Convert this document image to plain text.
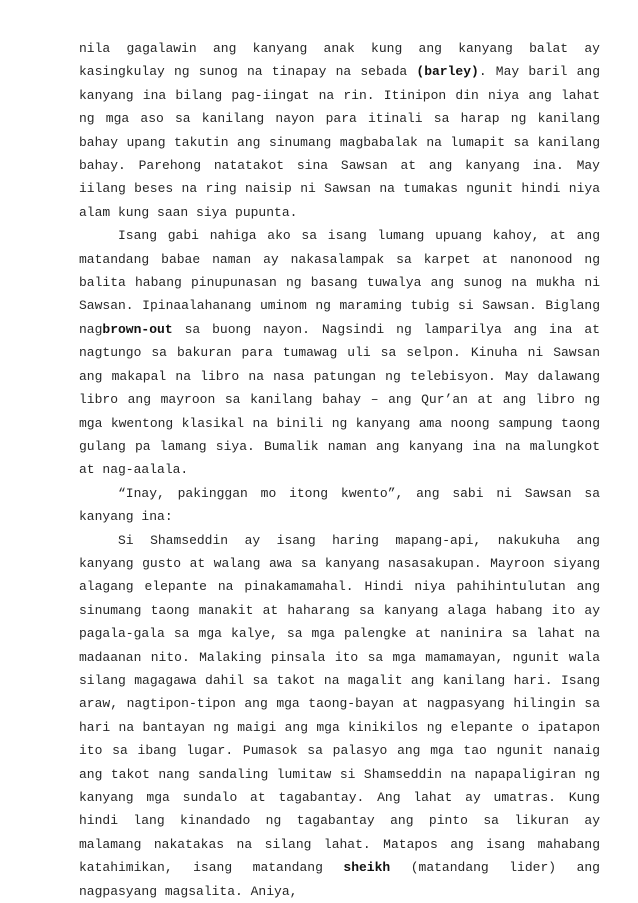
nila gagalawin ang kanyang anak kung ang kanyang balat ay kasingkulay ng sunog na tinapay na sebada (barley). May baril ang kanyang ina bilang pag-iingat na rin. Itinipon din niya ang lahat ng mga aso sa kanilang nayon para itinali sa harap ng kanilang bahay upang takutin ang sinumang magbabalak na lumapit sa kanilang bahay. Parehong natatakot sina Sawsan at ang kanyang ina. May iilang beses na ring naisip ni Sawsan na tumakas ngunit hindi niya alam kung saan siya pupunta.

Isang gabi nahiga ako sa isang lumang upuang kahoy, at ang matandang babae naman ay nakasalampak sa karpet at nanonood ng balita habang pinupunasan ng basang tuwalya ang sunog na mukha ni Sawsan. Ipinaalahanang uminom ng maraming tubig si Sawsan. Biglang nagbrown-out sa buong nayon. Nagsindi ng lamparilya ang ina at nagtungo sa bakuran para tumawag uli sa selpon. Kinuha ni Sawsan ang makapal na libro na nasa patungan ng telebisyon. May dalawang libro ang mayroon sa kanilang bahay – ang Qur’an at ang libro ng mga kwentong klasikal na binili ng kanyang ama noong sampung taong gulang pa lamang siya. Bumalik naman ang kanyang ina na malungkot at nag-aalala.

“Inay, pakinggan mo itong kwento”, ang sabi ni Sawsan sa kanyang ina:

Si Shamseddin ay isang haring mapang-api, nakukuha ang kanyang gusto at walang awa sa kanyang nasasakupan. Mayroon siyang alagang elepante na pinakamamahal. Hindi niya pahihintulutan ang sinumang taong manakit at haharang sa kanyang alaga habang ito ay pagala-gala sa mga kalye, sa mga palengke at naninira sa lahat na madaanan nito. Malaking pinsala ito sa mga mamamayan, ngunit wala silang magagawa dahil sa takot na magalit ang kanilang hari. Isang araw, nagtipon-tipon ang mga taong-bayan at nagpasyang hilingin sa hari na bantayan ng maigi ang mga kinikilos ng elepante o ipatapon ito sa ibang lugar. Pumasok sa palasyo ang mga tao ngunit nanaig ang takot nang sandaling lumitaw si Shamseddin na napapaligiran ng kanyang mga sundalo at tagabantay. Ang lahat ay umatras. Kung hindi lang kinandado ng tagabantay ang pinto sa likuran ay malamang nakatakas na silang lahat. Matapos ang isang mahabang katahimikan, isang matandang sheikh (matandang lider) ang nagpasyang magsalita. Aniya,
